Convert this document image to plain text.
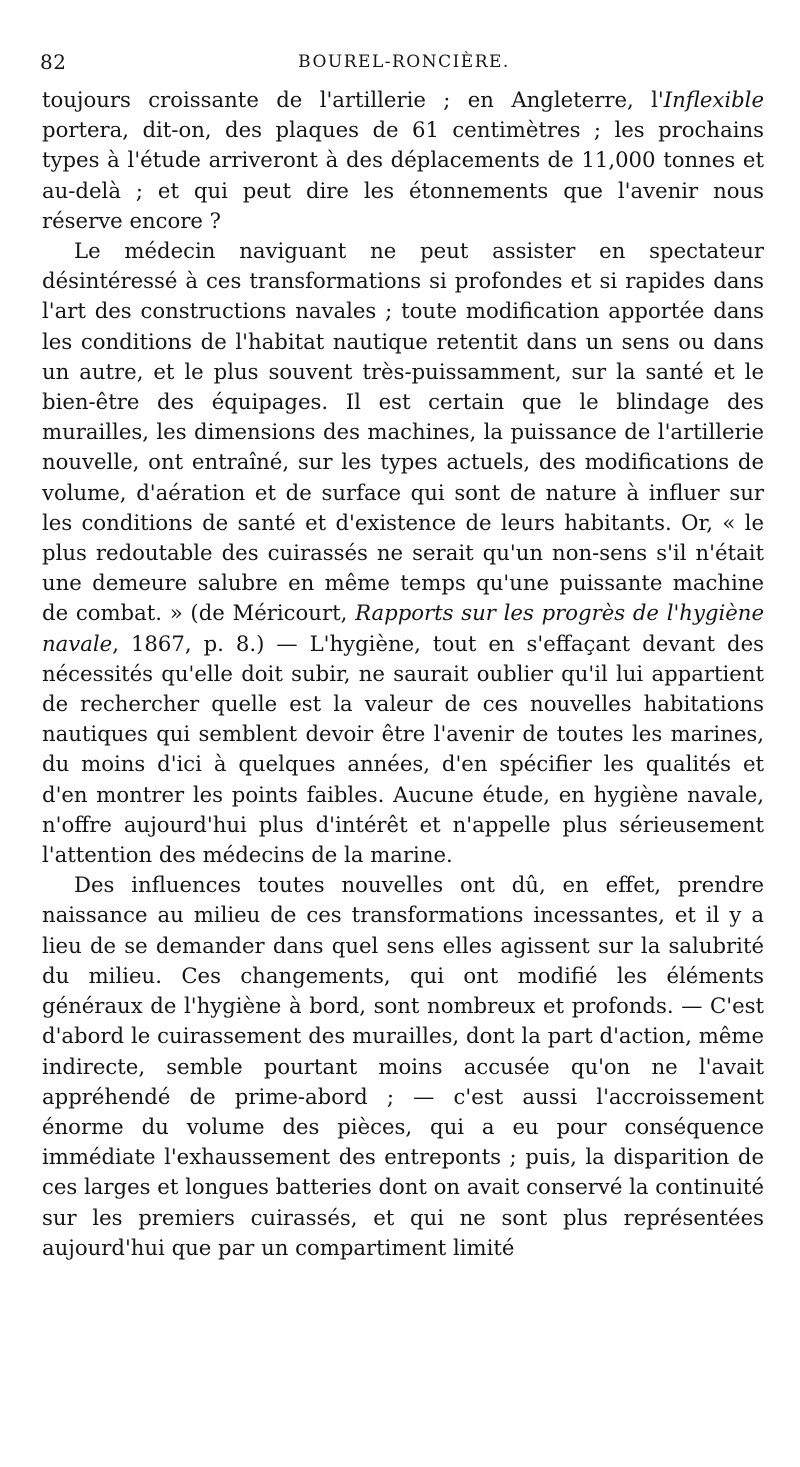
82	BOUREL-RONCIÈRE.

toujours croissante de l'artillerie ; en Angleterre, l'Inflexible portera, dit-on, des plaques de 61 centimètres ; les prochains types à l'étude arriveront à des déplacements de 11,000 tonnes et au-delà ; et qui peut dire les étonnements que l'avenir nous réserve encore ?

Le médecin naviguant ne peut assister en spectateur désintéressé à ces transformations si profondes et si rapides dans l'art des constructions navales ; toute modification apportée dans les conditions de l'habitat nautique retentit dans un sens ou dans un autre, et le plus souvent très-puissamment, sur la santé et le bien-être des équipages. Il est certain que le blindage des murailles, les dimensions des machines, la puissance de l'artillerie nouvelle, ont entraîné, sur les types actuels, des modifications de volume, d'aération et de surface qui sont de nature à influer sur les conditions de santé et d'existence de leurs habitants. Or, « le plus redoutable des cuirassés ne serait qu'un non-sens s'il n'était une demeure salubre en même temps qu'une puissante machine de combat. » (de Méricourt, Rapports sur les progrès de l'hygiène navale, 1867, p. 8.) — L'hygiène, tout en s'effaçant devant des nécessités qu'elle doit subir, ne saurait oublier qu'il lui appartient de rechercher quelle est la valeur de ces nouvelles habitations nautiques qui semblent devoir être l'avenir de toutes les marines, du moins d'ici à quelques années, d'en spécifier les qualités et d'en montrer les points faibles. Aucune étude, en hygiène navale, n'offre aujourd'hui plus d'intérêt et n'appelle plus sérieusement l'attention des médecins de la marine.

Des influences toutes nouvelles ont dû, en effet, prendre naissance au milieu de ces transformations incessantes, et il y a lieu de se demander dans quel sens elles agissent sur la salubrité du milieu. Ces changements, qui ont modifié les éléments généraux de l'hygiène à bord, sont nombreux et profonds. — C'est d'abord le cuirassement des murailles, dont la part d'action, même indirecte, semble pourtant moins accusée qu'on ne l'avait appréhendé de prime-abord ; — c'est aussi l'accroissement énorme du volume des pièces, qui a eu pour conséquence immédiate l'exhaussement des entreponts ; puis, la disparition de ces larges et longues batteries dont on avait conservé la continuité sur les premiers cuirassés, et qui ne sont plus représentées aujourd'hui que par un compartiment limité
